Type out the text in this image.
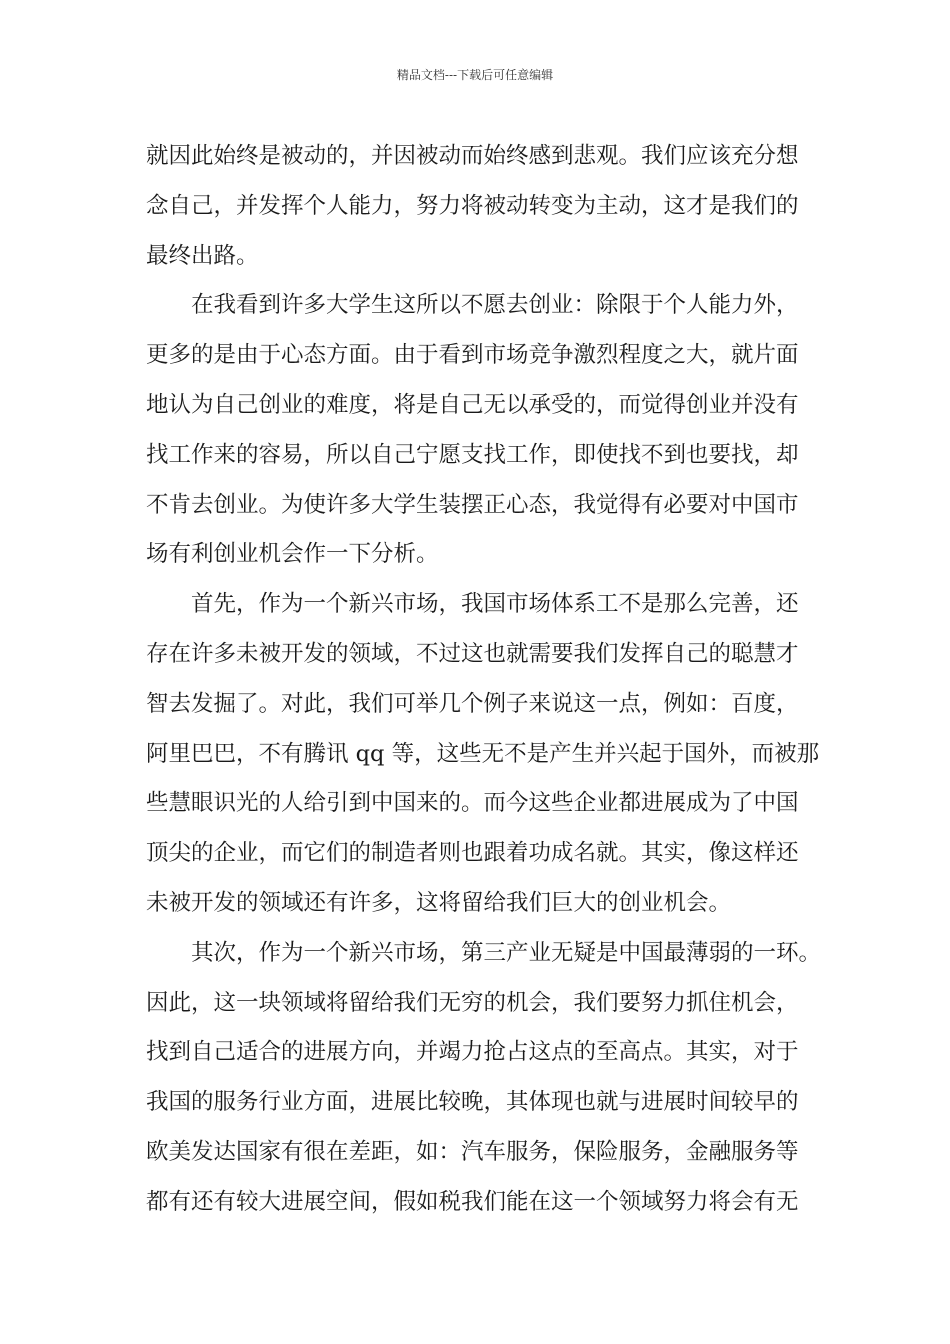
精品文档---下载后可任意编辑
就因此始终是被动的，并因被动而始终感到悲观。我们应该充分想
念自己，并发挥个人能力，努力将被动转变为主动，这才是我们的
最终出路。
在我看到许多大学生这所以不愿去创业：除限于个人能力外，
更多的是由于心态方面。由于看到市场竞争激烈程度之大，就片面
地认为自己创业的难度，将是自己无以承受的，而觉得创业并没有
找工作来的容易，所以自己宁愿支找工作，即使找不到也要找，却
不肯去创业。为使许多大学生装摆正心态，我觉得有必要对中国市
场有利创业机会作一下分析。
首先，作为一个新兴市场，我国市场体系工不是那么完善，还
存在许多未被开发的领域，不过这也就需要我们发挥自己的聪慧才
智去发掘了。对此，我们可举几个例子来说这一点，例如：百度，
阿里巴巴，不有腾讯 qq 等，这些无不是产生并兴起于国外，而被那
些慧眼识光的人给引到中国来的。而今这些企业都进展成为了中国
顶尖的企业，而它们的制造者则也跟着功成名就。其实，像这样还
未被开发的领域还有许多，这将留给我们巨大的创业机会。
其次，作为一个新兴市场，第三产业无疑是中国最薄弱的一环。
因此，这一块领域将留给我们无穷的机会，我们要努力抓住机会，
找到自己适合的进展方向，并竭力抢占这点的至高点。其实，对于
我国的服务行业方面，进展比较晚，其体现也就与进展时间较早的
欧美发达国家有很在差距，如：汽车服务，保险服务，金融服务等
都有还有较大进展空间，假如税我们能在这一个领域努力将会有无
